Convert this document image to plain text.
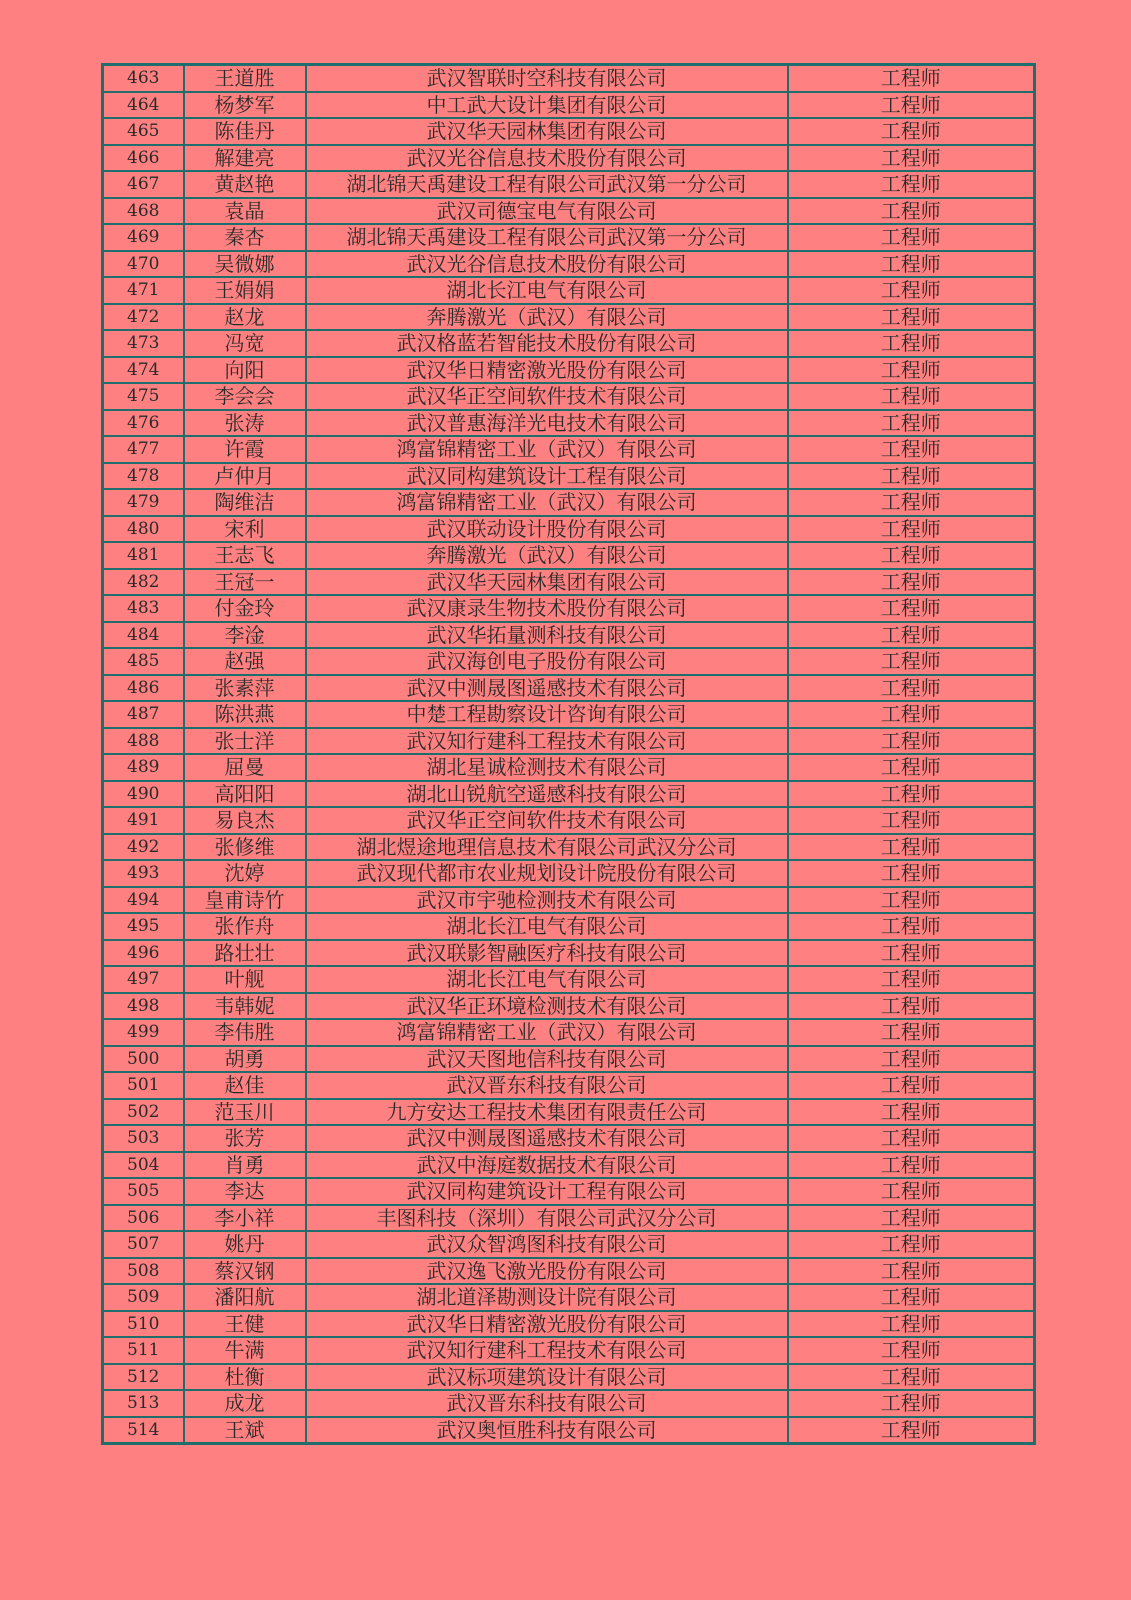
463	王道胜	武汉智联时空科技有限公司	工程师
464	杨梦军	中工武大设计集团有限公司	工程师
465	陈佳丹	武汉华天园林集团有限公司	工程师
466	解建亮	武汉光谷信息技术股份有限公司	工程师
467	黄赵艳	湖北锦天禹建设工程有限公司武汉第一分公司	工程师
468	袁晶	武汉司德宝电气有限公司	工程师
469	秦杏	湖北锦天禹建设工程有限公司武汉第一分公司	工程师
470	吴微娜	武汉光谷信息技术股份有限公司	工程师
471	王娟娟	湖北长江电气有限公司	工程师
472	赵龙	奔腾激光（武汉）有限公司	工程师
473	冯宽	武汉格蓝若智能技术股份有限公司	工程师
474	向阳	武汉华日精密激光股份有限公司	工程师
475	李会会	武汉华正空间软件技术有限公司	工程师
476	张涛	武汉普惠海洋光电技术有限公司	工程师
477	许霞	鸿富锦精密工业（武汉）有限公司	工程师
478	卢仲月	武汉同构建筑设计工程有限公司	工程师
479	陶维洁	鸿富锦精密工业（武汉）有限公司	工程师
480	宋利	武汉联动设计股份有限公司	工程师
481	王志飞	奔腾激光（武汉）有限公司	工程师
482	王冠一	武汉华天园林集团有限公司	工程师
483	付金玲	武汉康录生物技术股份有限公司	工程师
484	李淦	武汉华拓量测科技有限公司	工程师
485	赵强	武汉海创电子股份有限公司	工程师
486	张素萍	武汉中测晟图遥感技术有限公司	工程师
487	陈洪燕	中楚工程勘察设计咨询有限公司	工程师
488	张士洋	武汉知行建科工程技术有限公司	工程师
489	屈曼	湖北星诚检测技术有限公司	工程师
490	高阳阳	湖北山锐航空遥感科技有限公司	工程师
491	易良杰	武汉华正空间软件技术有限公司	工程师
492	张修维	湖北煜途地理信息技术有限公司武汉分公司	工程师
493	沈婷	武汉现代都市农业规划设计院股份有限公司	工程师
494	皇甫诗竹	武汉市宇驰检测技术有限公司	工程师
495	张作舟	湖北长江电气有限公司	工程师
496	路壮壮	武汉联影智融医疗科技有限公司	工程师
497	叶舰	湖北长江电气有限公司	工程师
498	韦韩妮	武汉华正环境检测技术有限公司	工程师
499	李伟胜	鸿富锦精密工业（武汉）有限公司	工程师
500	胡勇	武汉天图地信科技有限公司	工程师
501	赵佳	武汉晋东科技有限公司	工程师
502	范玉川	九方安达工程技术集团有限责任公司	工程师
503	张芳	武汉中测晟图遥感技术有限公司	工程师
504	肖勇	武汉中海庭数据技术有限公司	工程师
505	李达	武汉同构建筑设计工程有限公司	工程师
506	李小祥	丰图科技（深圳）有限公司武汉分公司	工程师
507	姚丹	武汉众智鸿图科技有限公司	工程师
508	蔡汉钢	武汉逸飞激光股份有限公司	工程师
509	潘阳航	湖北道泽勘测设计院有限公司	工程师
510	王健	武汉华日精密激光股份有限公司	工程师
511	牛满	武汉知行建科工程技术有限公司	工程师
512	杜衡	武汉标项建筑设计有限公司	工程师
513	成龙	武汉晋东科技有限公司	工程师
514	王斌	武汉奥恒胜科技有限公司	工程师
